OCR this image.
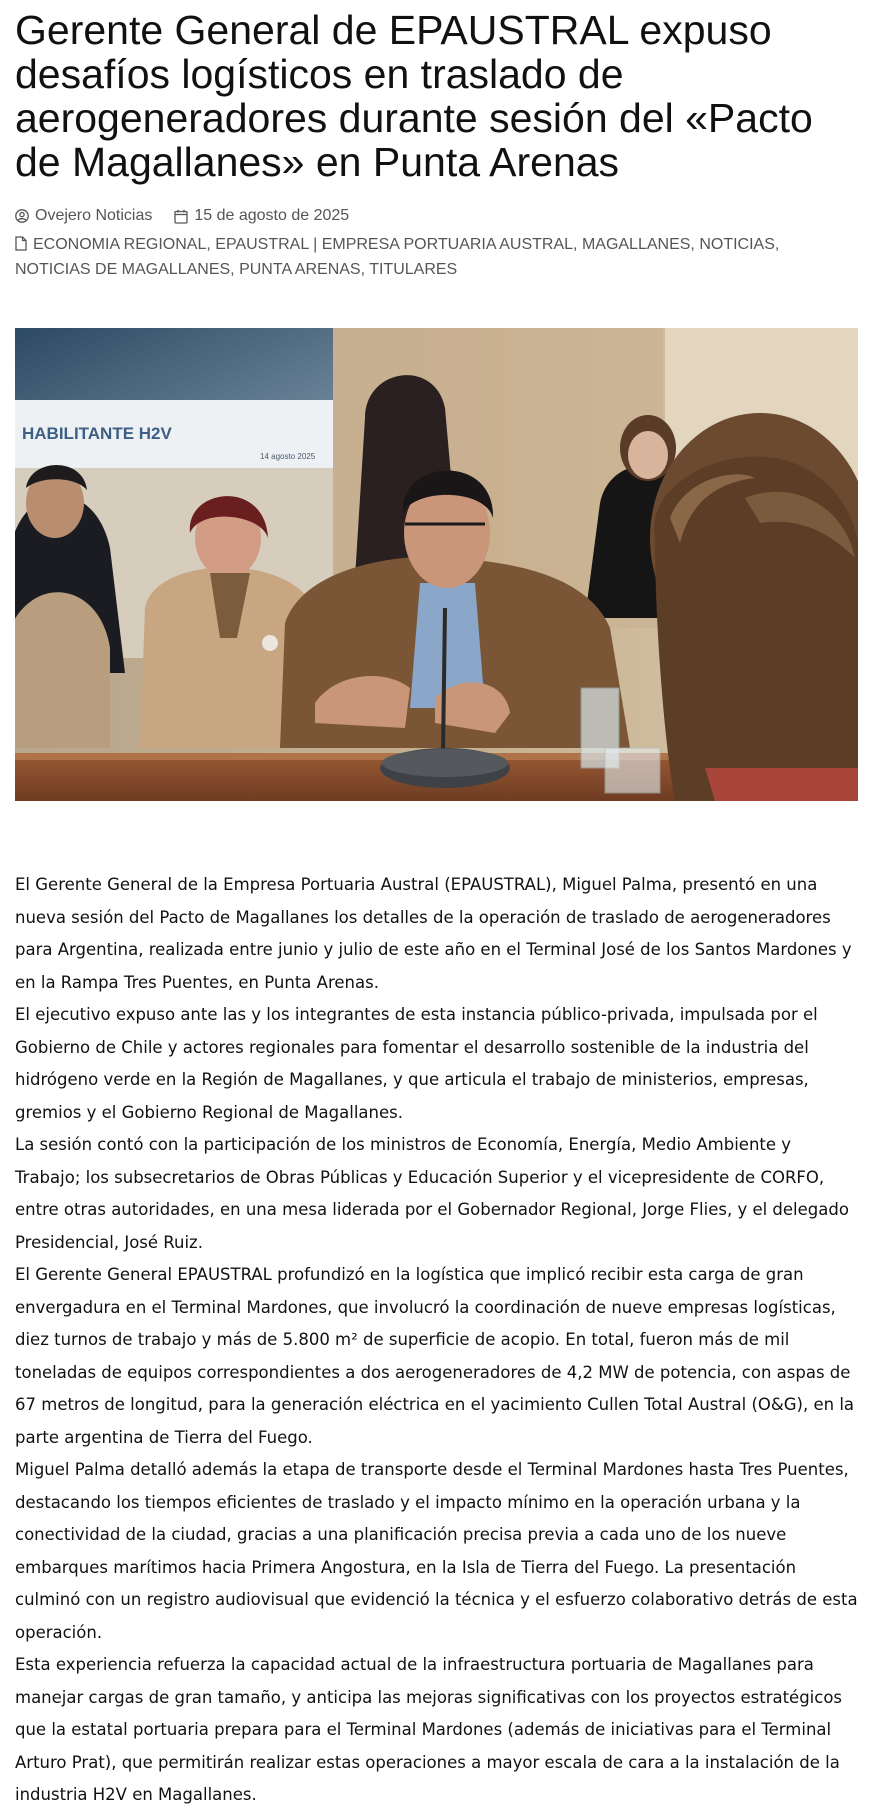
Gerente General de EPAUSTRAL expuso desafíos logísticos en traslado de aerogeneradores durante sesión del «Pacto de Magallanes» en Punta Arenas
Ovejero Noticias	15 de agosto de 2025
ECONOMIA REGIONAL, EPAUSTRAL | EMPRESA PORTUARIA AUSTRAL, MAGALLANES, NOTICIAS,
NOTICIAS DE MAGALLANES, PUNTA ARENAS, TITULARES
HABILITANTE H2V
14 agosto 2025

El Gerente General de la Empresa Portuaria Austral (EPAUSTRAL), Miguel Palma, presentó en una nueva sesión del Pacto de Magallanes los detalles de la operación de traslado de aerogeneradores para Argentina, realizada entre junio y julio de este año en el Terminal José de los Santos Mardones y en la Rampa Tres Puentes, en Punta Arenas.

El ejecutivo expuso ante las y los integrantes de esta instancia público-privada, impulsada por el Gobierno de Chile y actores regionales para fomentar el desarrollo sostenible de la industria del hidrógeno verde en la Región de Magallanes, y que articula el trabajo de ministerios, empresas, gremios y el Gobierno Regional de Magallanes.

La sesión contó con la participación de los ministros de Economía, Energía, Medio Ambiente y Trabajo; los subsecretarios de Obras Públicas y Educación Superior y el vicepresidente de CORFO, entre otras autoridades, en una mesa liderada por el Gobernador Regional, Jorge Flies, y el delegado Presidencial, José Ruiz.

El Gerente General EPAUSTRAL profundizó en la logística que implicó recibir esta carga de gran envergadura en el Terminal Mardones, que involucró la coordinación de nueve empresas logísticas, diez turnos de trabajo y más de 5.800 m² de superficie de acopio. En total, fueron más de mil toneladas de equipos correspondientes a dos aerogeneradores de 4,2 MW de potencia, con aspas de 67 metros de longitud, para la generación eléctrica en el yacimiento Cullen Total Austral (O&G), en la parte argentina de Tierra del Fuego.

Miguel Palma detalló además la etapa de transporte desde el Terminal Mardones hasta Tres Puentes, destacando los tiempos eficientes de traslado y el impacto mínimo en la operación urbana y la conectividad de la ciudad, gracias a una planificación precisa previa a cada uno de los nueve embarques marítimos hacia Primera Angostura, en la Isla de Tierra del Fuego. La presentación culminó con un registro audiovisual que evidenció la técnica y el esfuerzo colaborativo detrás de esta operación.

Esta experiencia refuerza la capacidad actual de la infraestructura portuaria de Magallanes para manejar cargas de gran tamaño, y anticipa las mejoras significativas con los proyectos estratégicos que la estatal portuaria prepara para el Terminal Mardones (además de iniciativas para el Terminal Arturo Prat), que permitirán realizar estas operaciones a mayor escala de cara a la instalación de la industria H2V en Magallanes.
